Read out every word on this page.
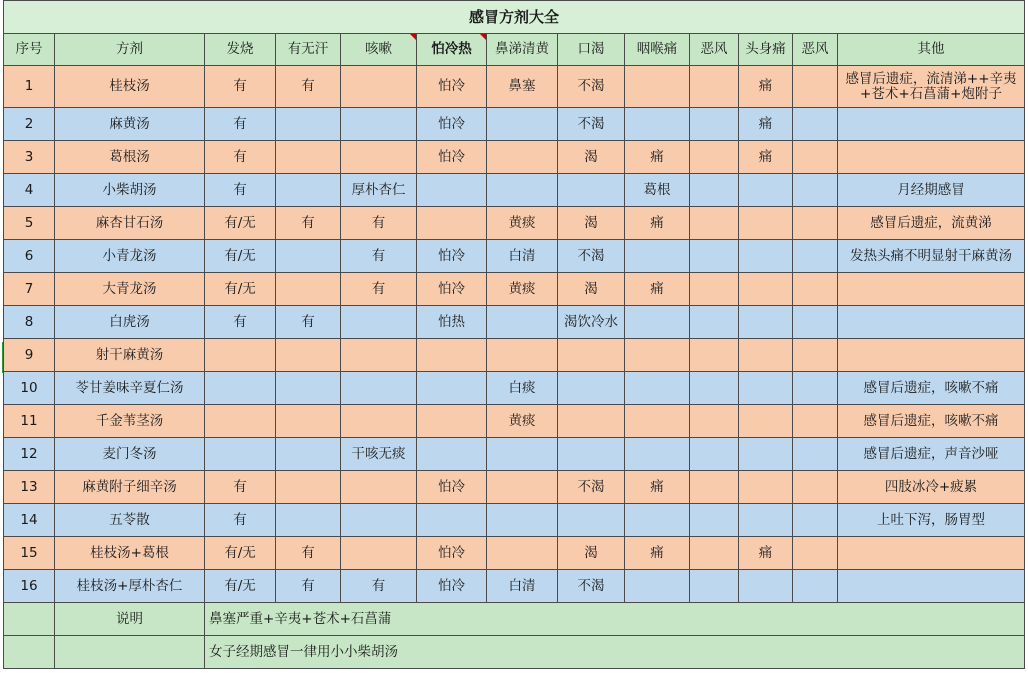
感冒方剂大全												
序号	方剂	发烧	有无汗	咳嗽	怕冷热	鼻涕清黄	口渴	咽喉痛	恶风	头身痛	恶风	其他
1	桂枝汤	有	有		怕冷	鼻塞	不渴			痛		感冒后遗症，流清涕++辛夷+苍术+石菖蒲+炮附子
2	麻黄汤	有			怕冷		不渴			痛		
3	葛根汤	有			怕冷		渴	痛		痛		
4	小柴胡汤	有		厚朴杏仁				葛根				月经期感冒
5	麻杏甘石汤	有/无	有	有		黄痰	渴	痛				感冒后遗症，流黄涕
6	小青龙汤	有/无		有	怕冷	白清	不渴					发热头痛不明显射干麻黄汤
7	大青龙汤	有/无		有	怕冷	黄痰	渴	痛				
8	白虎汤	有	有		怕热		渴饮冷水					
9	射干麻黄汤											
10	苓甘姜味辛夏仁汤					白痰						感冒后遗症，咳嗽不痛
11	千金苇茎汤					黄痰						感冒后遗症，咳嗽不痛
12	麦门冬汤			干咳无痰								感冒后遗症，声音沙哑
13	麻黄附子细辛汤	有			怕冷		不渴	痛				四肢冰冷+疲累
14	五苓散	有										上吐下泻，肠胃型
15	桂枝汤+葛根	有/无	有		怕冷		渴	痛		痛		
16	桂枝汤+厚朴杏仁	有/无	有	有	怕冷	白清	不渴					
	说明	鼻塞严重+辛夷+苍术+石菖蒲										
		女子经期感冒一律用小小柴胡汤										
